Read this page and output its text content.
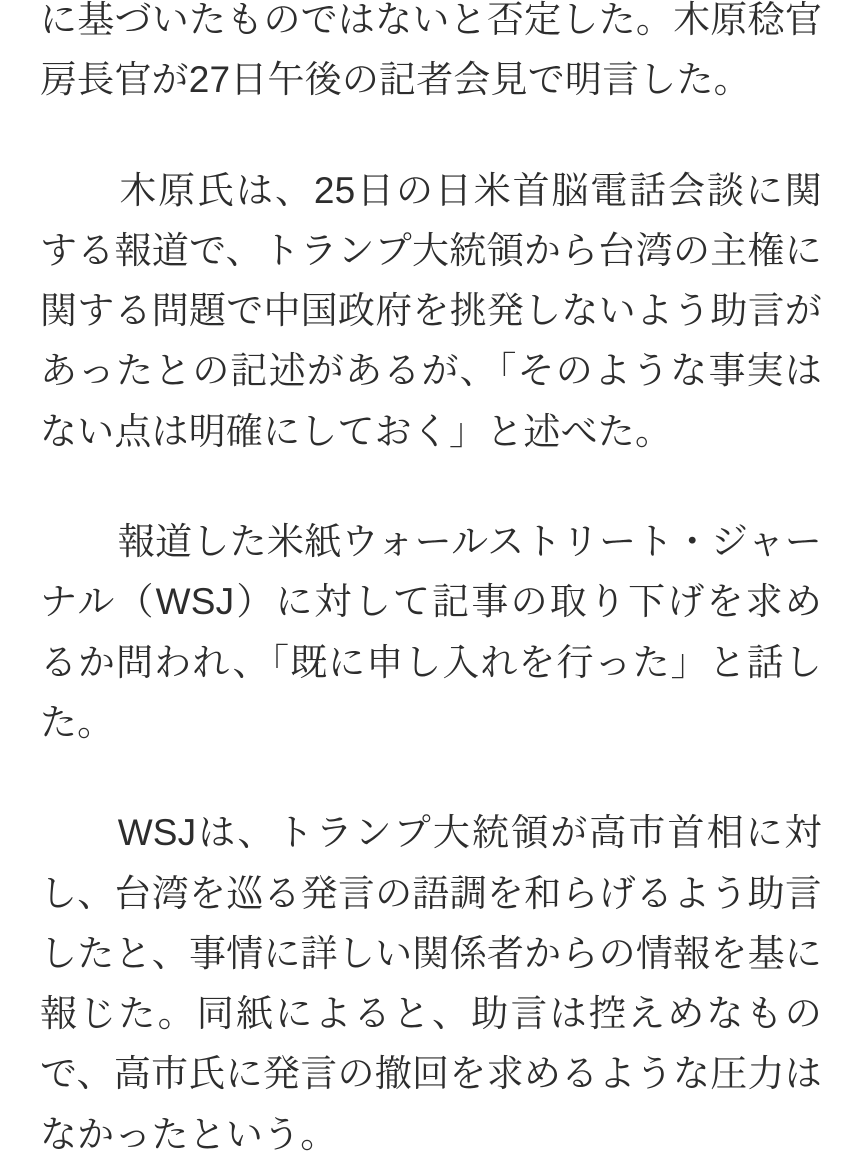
に基づいたものではないと否定した。木原稔官房長官が27日午後の記者会見で明言した。

木原氏は、25日の日米首脳電話会談に関する報道で、トランプ大統領から台湾の主権に関する問題で中国政府を挑発しないよう助言があったとの記述があるが、「そのような事実はない点は明確にしておく」と述べた。

報道した米紙ウォールストリート・ジャーナル（WSJ）に対して記事の取り下げを求めるか問われ、「既に申し入れを行った」と話した。

WSJは、トランプ大統領が高市首相に対し、台湾を巡る発言の語調を和らげるよう助言したと、事情に詳しい関係者からの情報を基に報じた。同紙によると、助言は控えめなもので、高市氏に発言の撤回を求めるような圧力はなかったという。
